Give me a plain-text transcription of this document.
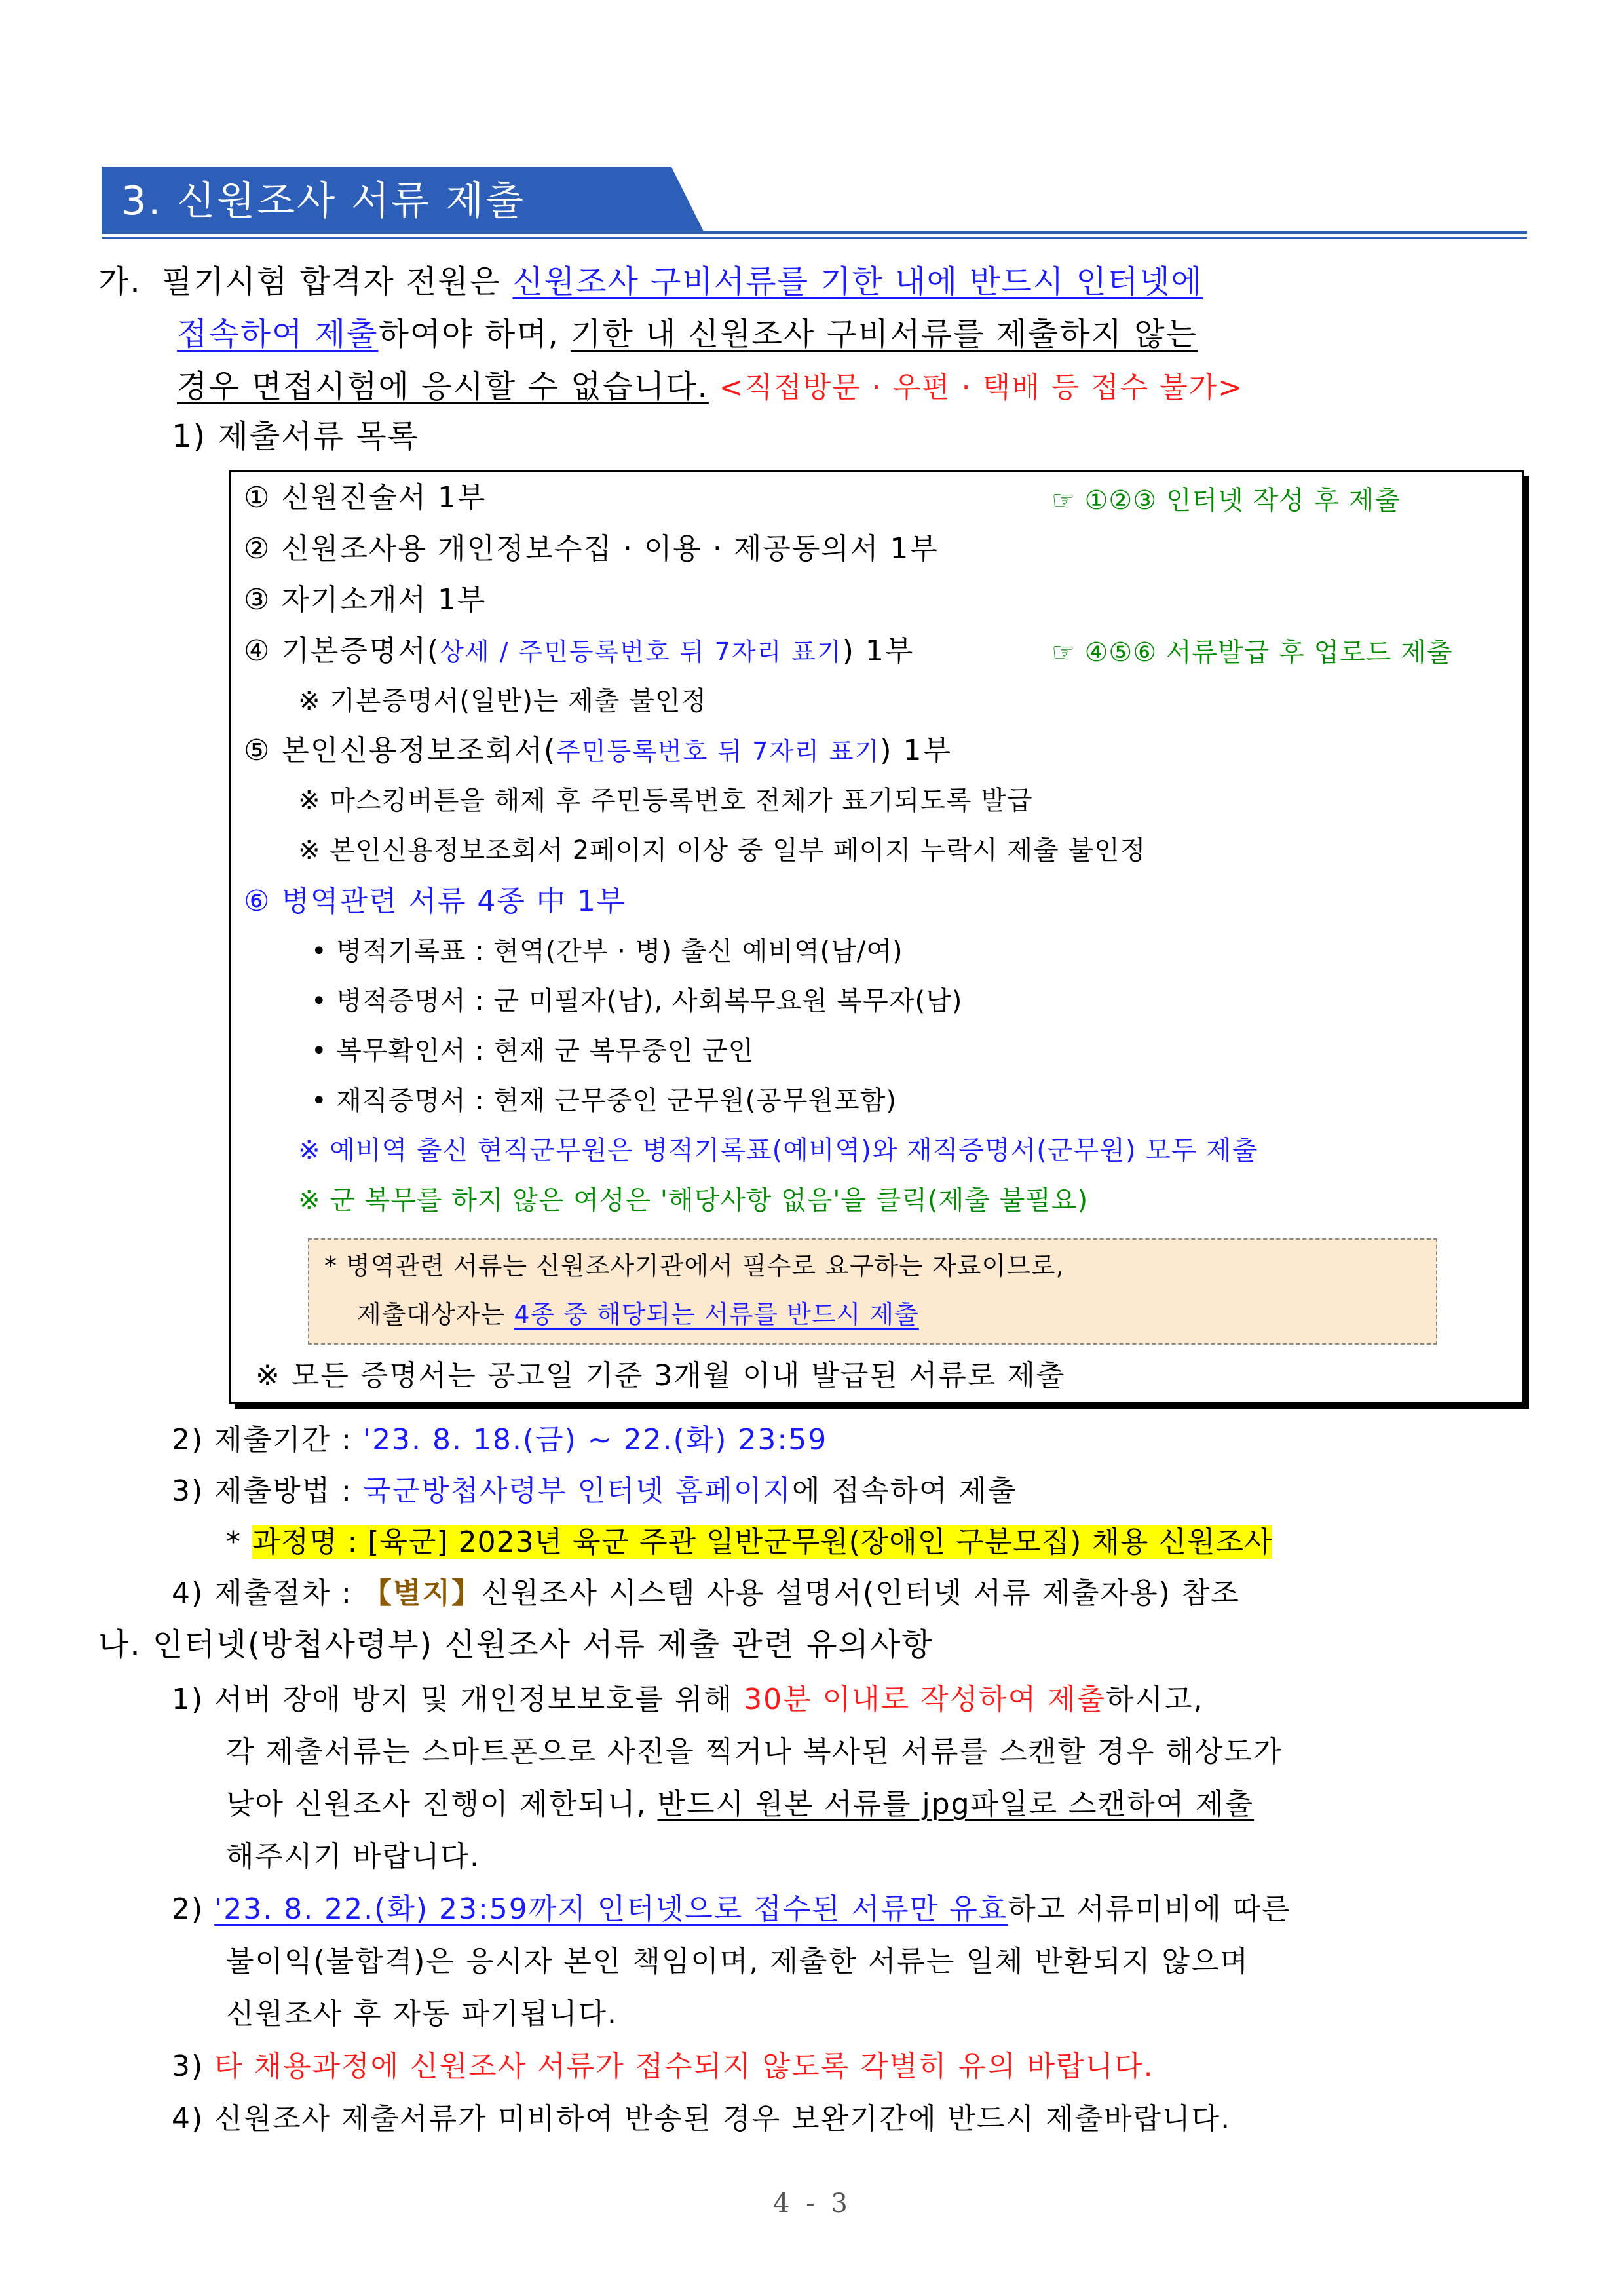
3. 신원조사 서류 제출
가. 필기시험 합격자 전원은 신원조사 구비서류를 기한 내에 반드시 인터넷에
접속하여 제출하여야 하며, 기한 내 신원조사 구비서류를 제출하지 않는
경우 면접시험에 응시할 수 없습니다. <직접방문 · 우편 · 택배 등 접수 불가>
1) 제출서류 목록
① 신원진술서 1부	☞ ①②③ 인터넷 작성 후 제출
② 신원조사용 개인정보수집 · 이용 · 제공동의서 1부
③ 자기소개서 1부
④ 기본증명서(상세 / 주민등록번호 뒤 7자리 표기) 1부	☞ ④⑤⑥ 서류발급 후 업로드 제출
※ 기본증명서(일반)는 제출 불인정
⑤ 본인신용정보조회서(주민등록번호 뒤 7자리 표기) 1부
※ 마스킹버튼을 해제 후 주민등록번호 전체가 표기되도록 발급
※ 본인신용정보조회서 2페이지 이상 중 일부 페이지 누락시 제출 불인정
⑥ 병역관련 서류 4종 中 1부
• 병적기록표 : 현역(간부 · 병) 출신 예비역(남/여)
• 병적증명서 : 군 미필자(남), 사회복무요원 복무자(남)
• 복무확인서 : 현재 군 복무중인 군인
• 재직증명서 : 현재 근무중인 군무원(공무원포함)
※ 예비역 출신 현직군무원은 병적기록표(예비역)와 재직증명서(군무원) 모두 제출
※ 군 복무를 하지 않은 여성은 '해당사항 없음'을 클릭(제출 불필요)
* 병역관련 서류는 신원조사기관에서 필수로 요구하는 자료이므로,
제출대상자는 4종 중 해당되는 서류를 반드시 제출
※ 모든 증명서는 공고일 기준 3개월 이내 발급된 서류로 제출
2) 제출기간 : '23. 8. 18.(금) ~ 22.(화) 23:59
3) 제출방법 : 국군방첩사령부 인터넷 홈페이지에 접속하여 제출
* 과정명 : [육군] 2023년 육군 주관 일반군무원(장애인 구분모집) 채용 신원조사
4) 제출절차 : 【별지】신원조사 시스템 사용 설명서(인터넷 서류 제출자용) 참조
나. 인터넷(방첩사령부) 신원조사 서류 제출 관련 유의사항
1) 서버 장애 방지 및 개인정보보호를 위해 30분 이내로 작성하여 제출하시고,
각 제출서류는 스마트폰으로 사진을 찍거나 복사된 서류를 스캔할 경우 해상도가
낮아 신원조사 진행이 제한되니, 반드시 원본 서류를 jpg파일로 스캔하여 제출
해주시기 바랍니다.
2) '23. 8. 22.(화) 23:59까지 인터넷으로 접수된 서류만 유효하고 서류미비에 따른
불이익(불합격)은 응시자 본인 책임이며, 제출한 서류는 일체 반환되지 않으며
신원조사 후 자동 파기됩니다.
3) 타 채용과정에 신원조사 서류가 접수되지 않도록 각별히 유의 바랍니다.
4) 신원조사 제출서류가 미비하여 반송된 경우 보완기간에 반드시 제출바랍니다.
4 - 3
